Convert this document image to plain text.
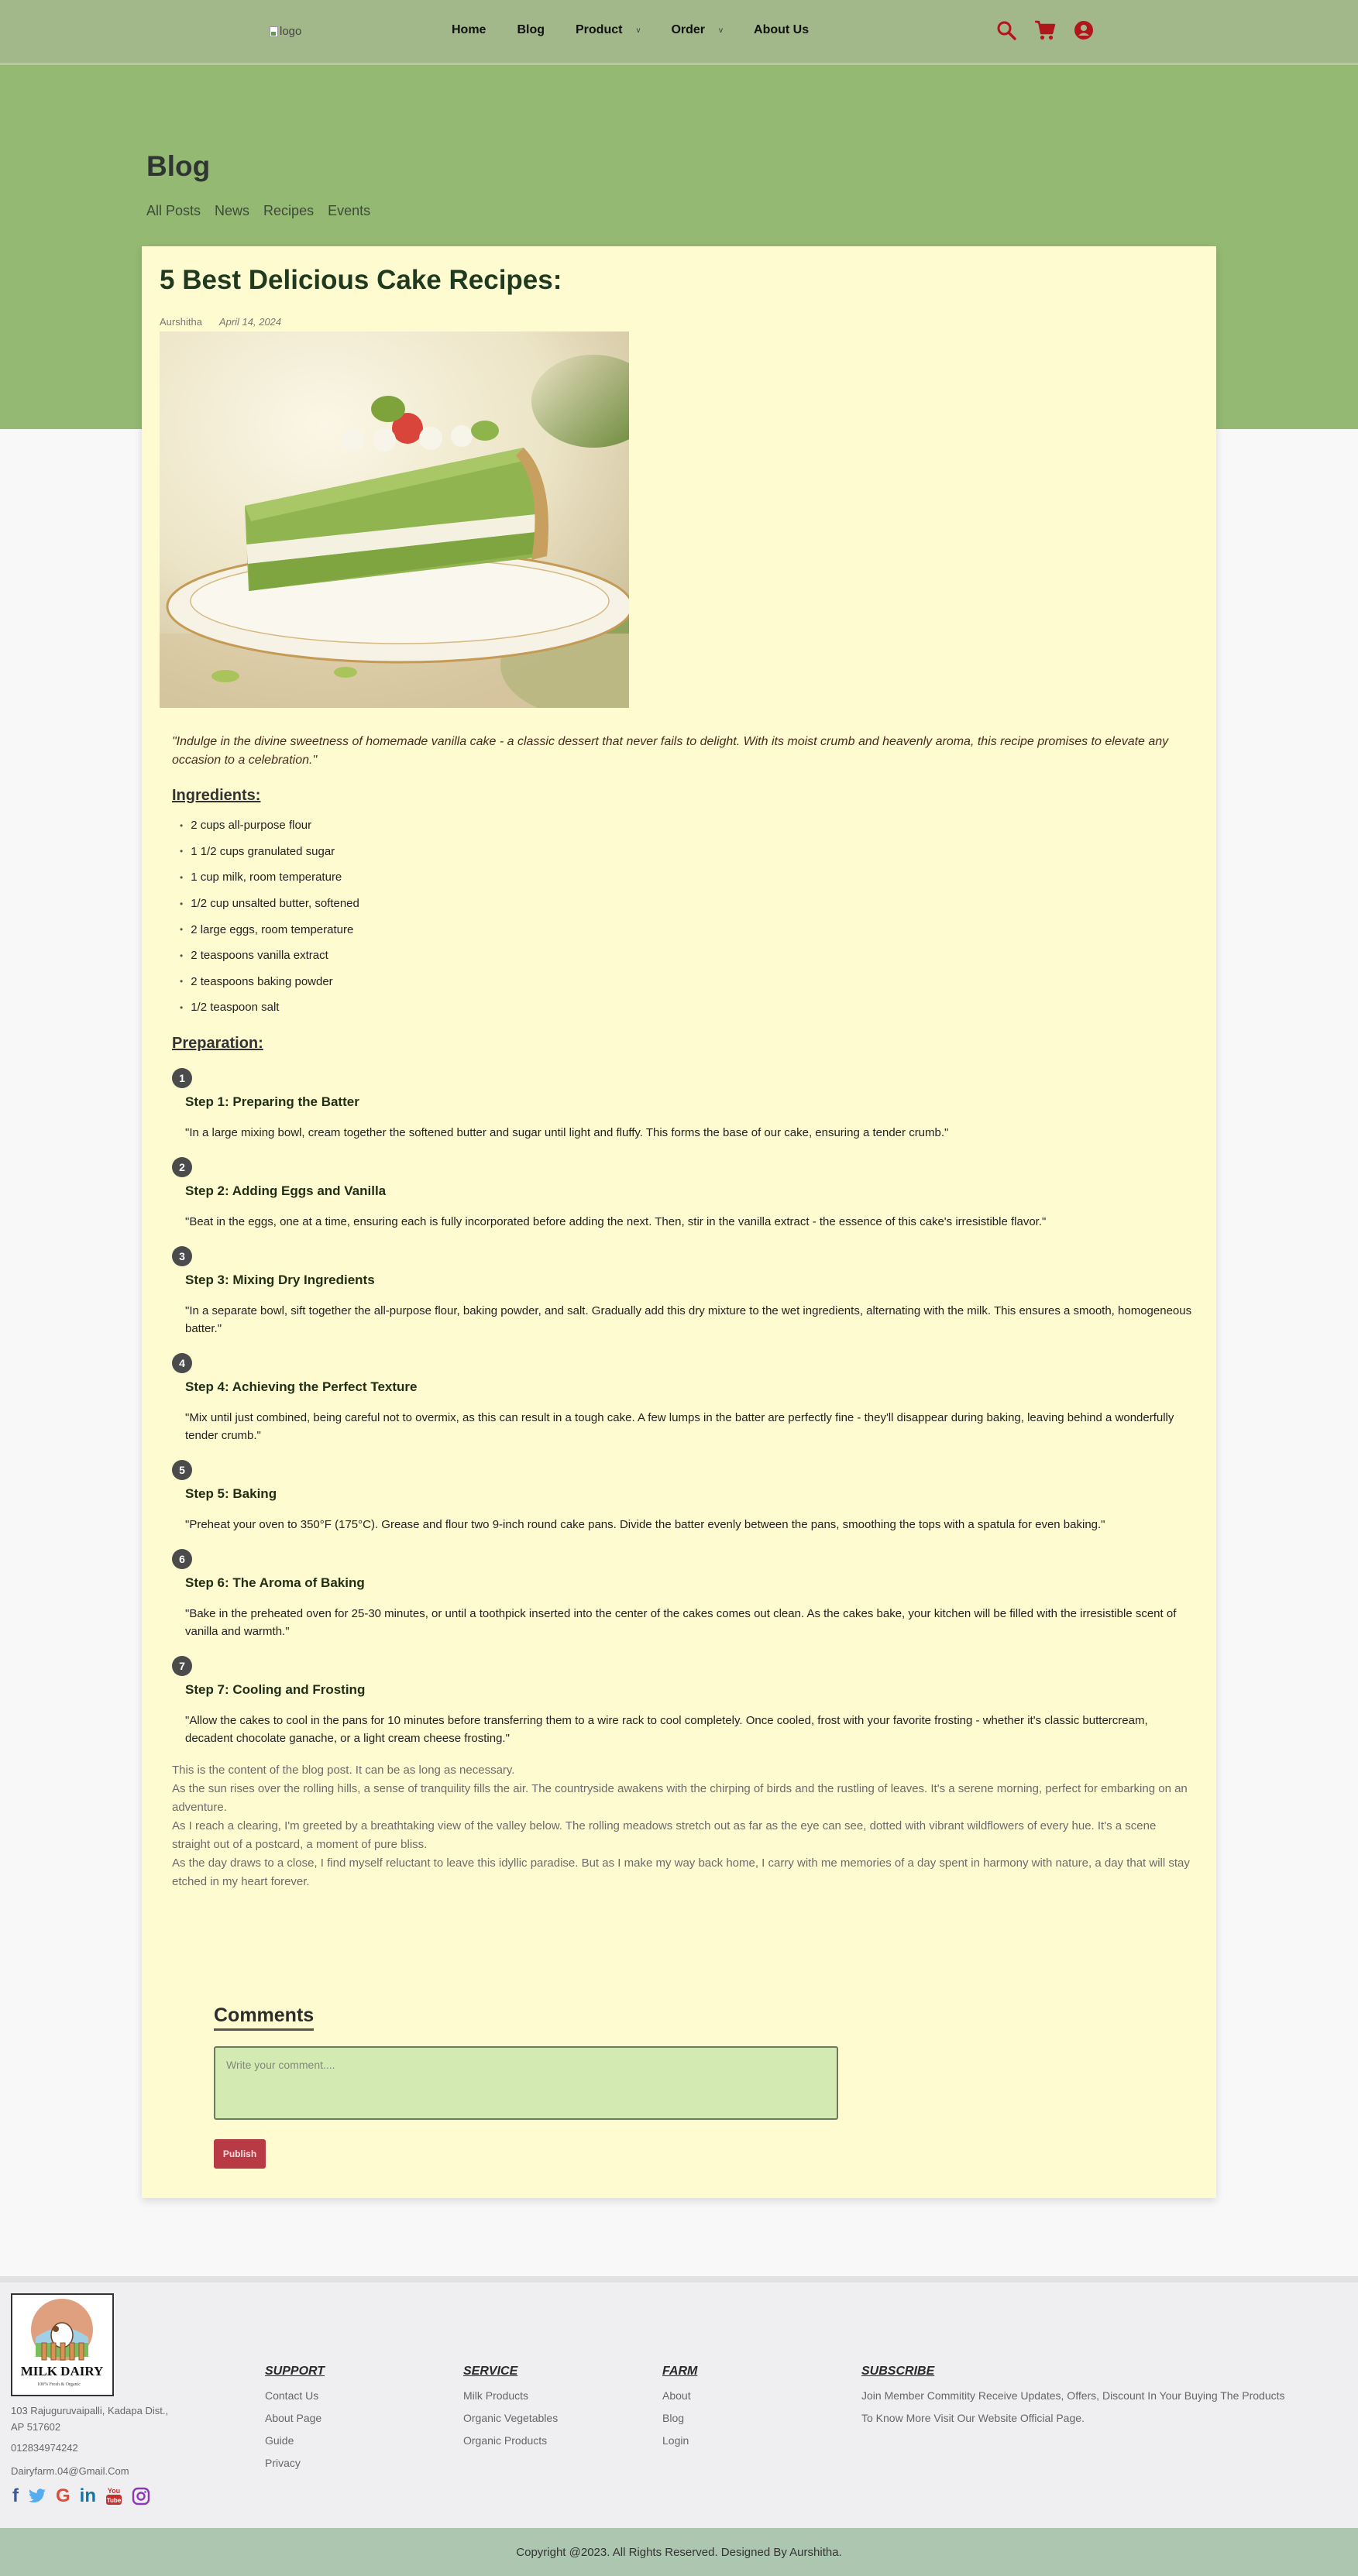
logo	Home	Blog	Product v	Order v	About Us
Blog
All Posts News Recipes Events
5 Best Delicious Cake Recipes:
Aurshitha April 14, 2024

"Indulge in the divine sweetness of homemade vanilla cake - a classic dessert that never fails to delight. With its moist crumb and heavenly aroma, this recipe promises to elevate any occasion to a celebration."

Ingredients:
• 2 cups all-purpose flour
• 1 1/2 cups granulated sugar
• 1 cup milk, room temperature
• 1/2 cup unsalted butter, softened
• 2 large eggs, room temperature
• 2 teaspoons vanilla extract
• 2 teaspoons baking powder
• 1/2 teaspoon salt
Preparation:
1
Step 1: Preparing the Batter

"In a large mixing bowl, cream together the softened butter and sugar until light and fluffy. This forms the base of our cake, ensuring a tender crumb."

2
Step 2: Adding Eggs and Vanilla

"Beat in the eggs, one at a time, ensuring each is fully incorporated before adding the next. Then, stir in the vanilla extract - the essence of this cake's irresistible flavor."

3
Step 3: Mixing Dry Ingredients

"In a separate bowl, sift together the all-purpose flour, baking powder, and salt. Gradually add this dry mixture to the wet ingredients, alternating with the milk. This ensures a smooth, homogeneous batter."

4
Step 4: Achieving the Perfect Texture

"Mix until just combined, being careful not to overmix, as this can result in a tough cake. A few lumps in the batter are perfectly fine - they'll disappear during baking, leaving behind a wonderfully tender crumb."

5
Step 5: Baking

"Preheat your oven to 350°F (175°C). Grease and flour two 9-inch round cake pans. Divide the batter evenly between the pans, smoothing the tops with a spatula for even baking."

6
Step 6: The Aroma of Baking

"Bake in the preheated oven for 25-30 minutes, or until a toothpick inserted into the center of the cakes comes out clean. As the cakes bake, your kitchen will be filled with the irresistible scent of vanilla and warmth."

7
Step 7: Cooling and Frosting

"Allow the cakes to cool in the pans for 10 minutes before transferring them to a wire rack to cool completely. Once cooled, frost with your favorite frosting - whether it's classic buttercream, decadent chocolate ganache, or a light cream cheese frosting."

This is the content of the blog post. It can be as long as necessary.
As the sun rises over the rolling hills, a sense of tranquility fills the air. The countryside awakens with the chirping of birds and the rustling of leaves. It's a serene morning, perfect for embarking on an adventure.
As I reach a clearing, I'm greeted by a breathtaking view of the valley below. The rolling meadows stretch out as far as the eye can see, dotted with vibrant wildflowers of every hue. It's a scene straight out of a postcard, a moment of pure bliss.
As the day draws to a close, I find myself reluctant to leave this idyllic paradise. But as I make my way back home, I carry with me memories of a day spent in harmony with nature, a day that will stay etched in my heart forever.
Comments
Write your comment.... Publish
MILK DAIRY
100% Fresh & Organic
103 Rajuguruvaipalli, Kadapa Dist.,
AP 517602
012834974242
Dairyfarm.04@Gmail.Com
f G in You
Tube
SUPPORT
Contact Us
About Page
Guide
Privacy
SERVICE
Milk Products
Organic Vegetables
Organic Products
FARM
About
Blog
Login
SUBSCRIBE

Join Member Commitity Receive Updates, Offers, Discount In Your Buying The Products

To Know More Visit Our Website Official Page.

Copyright @2023. All Rights Reserved. Designed By Aurshitha.
